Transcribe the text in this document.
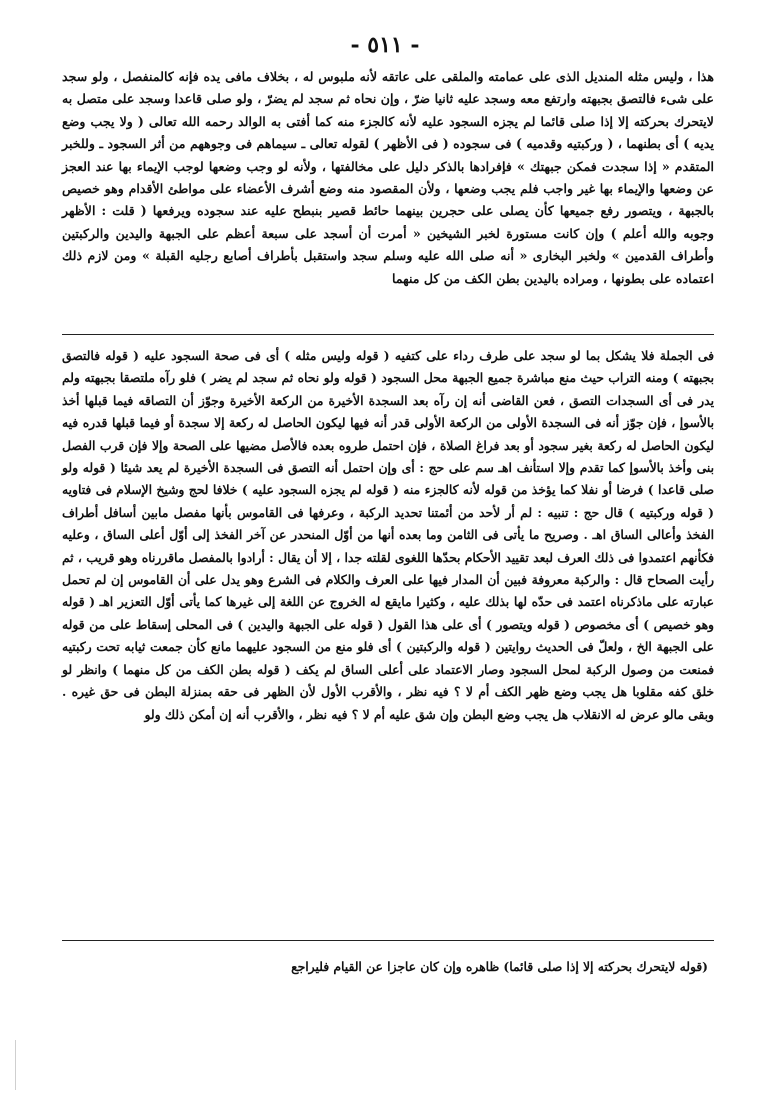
- ٥١١ -

هذا ، وليس مثله المنديل الذى على عمامته والملقى على عاتقه لأنه ملبوس له ، بخلاف مافى يده فإنه كالمنفصل ، ولو سجد على شىء فالتصق بجبهته وارتفع معه وسجد عليه ثانيا ضرّ ، وإن نحاه ثم سجد لم يضرّ ، ولو صلى قاعدا وسجد على متصل به لايتحرك بحركته إلا إذا صلى قائما لم يجزه السجود عليه لأنه كالجزء منه كما أفتى به الوالد رحمه الله تعالى ( ولا يجب وضع يديه ) أى بطنهما ، ( وركبتيه وقدميه ) فى سجوده ( فى الأظهر ) لقوله تعالى ـ سيماهم فى وجوههم من أثر السجود ـ وللخبر المتقدم « إذا سجدت فمكن جبهتك » فإفرادها بالذكر دليل على مخالفتها ، ولأنه لو وجب وضعها لوجب الإيماء بها عند العجز عن وضعها والإيماء بها غير واجب فلم يجب وضعها ، ولأن المقصود منه وضع أشرف الأعضاء على مواطئ الأقدام وهو خصيص بالجبهة ، ويتصور رفع جميعها كأن يصلى على حجرين بينهما حائط قصير بنبطح عليه عند سجوده ويرفعها ( قلت : الأظهر وجوبه والله أعلم ) وإن كانت مستورة لخبر الشيخين « أمرت أن أسجد على سبعة أعظم على الجبهة واليدين والركبتين وأطراف القدمين » ولخبر البخارى « أنه صلى الله عليه وسلم سجد واستقبل بأطراف أصابع رجليه القبلة » ومن لازم ذلك اعتماده على بطونها ، ومراده باليدين بطن الكف من كل منهما

فى الجملة فلا يشكل بما لو سجد على طرف رداء على كتفيه ( قوله وليس مثله ) أى فى صحة السجود عليه ( قوله فالتصق بجبهته ) ومنه التراب حيث منع مباشرة جميع الجبهة محل السجود ( قوله ولو نحاه ثم سجد لم يضر ) فلو رآه ملتصقا بجبهته ولم يدر فى أى السجدات التصق ، فعن القاضى أنه إن رآه بعد السجدة الأخيرة من الركعة الأخيرة وجوّز أن التصاقه فيما قبلها أخذ بالأسوإ ، فإن جوّز أنه فى السجدة الأولى من الركعة الأولى قدر أنه فيها ليكون الحاصل له ركعة إلا سجدة أو فيما قبلها قدره فيه ليكون الحاصل له ركعة بغير سجود أو بعد فراغ الصلاة ، فإن احتمل طروه بعده فالأصل مضيها على الصحة وإلا فإن قرب الفصل بنى وأخذ بالأسوإ كما تقدم وإلا استأنف اهـ سم على حج : أى وإن احتمل أنه التصق فى السجدة الأخيرة لم يعد شيئا ( قوله ولو صلى قاعدا ) فرضا أو نفلا كما يؤخذ من قوله لأنه كالجزء منه ( قوله لم يجزه السجود عليه ) خلافا لحج وشيخ الإسلام فى فتاويه ( قوله وركبتيه ) قال حج : تنبيه : لم أر لأحد من أئمتنا تحديد الركبة ، وعرفها فى القاموس بأنها مفصل مابين أسافل أطراف الفخذ وأعالى الساق اهـ . وصريح ما يأتى فى الثامن وما بعده أنها من أوّل المنحدر عن آخر الفخذ إلى أوّل أعلى الساق ، وعليه فكأنهم اعتمدوا فى ذلك العرف لبعد تقييد الأحكام بحدّها اللغوى لقلته جدا ، إلا أن يقال : أرادوا بالمفصل ماقررناه وهو قريب ، ثم رأيت الصحاح قال : والركبة معروفة فبين أن المدار فيها على العرف والكلام فى الشرع وهو يدل على أن القاموس إن لم تحمل عبارته على ماذكرناه اعتمد فى حدّه لها بذلك عليه ، وكثيرا مايقع له الخروج عن اللغة إلى غيرها كما يأتى أوّل التعزير اهـ ( قوله وهو خصيص ) أى مخصوص ( قوله ويتصور ) أى على هذا القول ( قوله على الجبهة واليدين ) فى المحلى إسقاط على من قوله على الجبهة الخ ، ولعلّ فى الحديث روايتين ( قوله والركبتين ) أى فلو منع من السجود عليهما مانع كأن جمعت ثيابه تحت ركبتيه فمنعت من وصول الركبة لمحل السجود وصار الاعتماد على أعلى الساق لم يكف ( قوله بطن الكف من كل منهما ) وانظر لو خلق كفه مقلوبا هل يجب وضع ظهر الكف أم لا ؟ فيه نظر ، والأقرب الأول لأن الظهر فى حقه بمنزلة البطن فى حق غيره . وبقى مالو عرض له الانقلاب هل يجب وضع البطن وإن شق عليه أم لا ؟ فيه نظر ، والأقرب أنه إن أمكن ذلك ولو

(قوله لايتحرك بحركته إلا إذا صلى قائما) ظاهره وإن كان عاجزا عن القيام فليراجع
